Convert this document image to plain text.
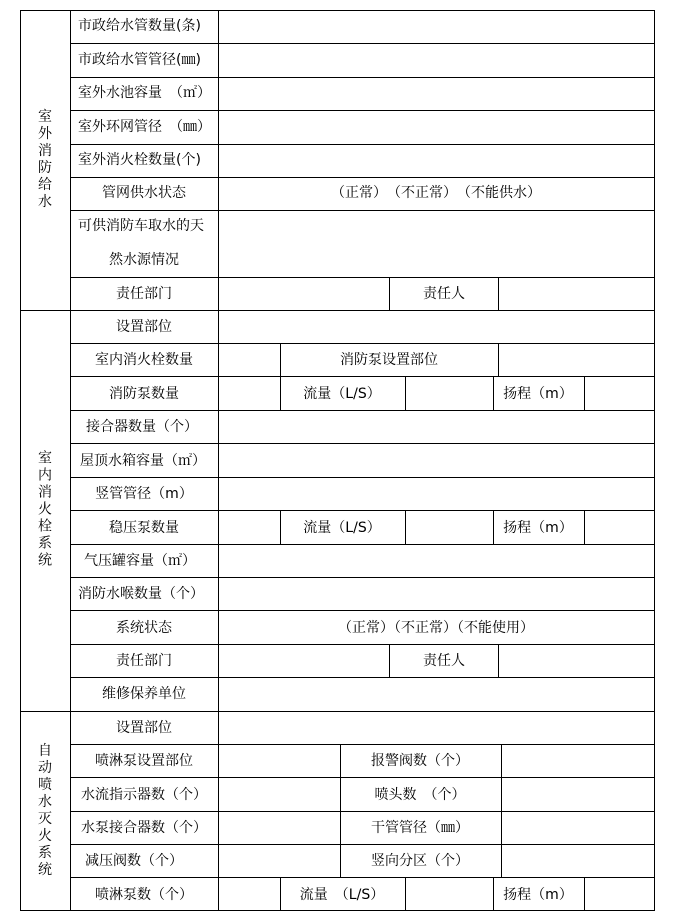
室外消防给水
市政给水管数量(条)
市政给水管管径(㎜)
室外水池容量　（㎡）
室外环网管径　（㎜）
室外消火栓数量(个)
管网供水状态	（正常）　（不正常）　（不能供水）
可供消防车取水的天
然水源情况
责任部门	责任人
室内消火栓系统
设置部位
室内消火栓数量	消防泵设置部位
消防泵数量	流量（L/S）	扬程（m）
接合器数量（个）
屋顶水箱容量（㎡）
竖管管径（m）
稳压泵数量	流量（L/S）	扬程（m）
气压罐容量（㎡）
消防水喉数量（个）
系统状态	（正常）（不正常）（不能使用）
责任部门	责任人
维修保养单位
自动喷水灭火系统
设置部位
喷淋泵设置部位	报警阀数（个）
水流指示器数（个）	喷头数　（个）
水泵接合器数（个）	干管管径（㎜）
减压阀数（个）	竖向分区（个）
喷淋泵数（个）	流量　（L/S）	扬程（m）
